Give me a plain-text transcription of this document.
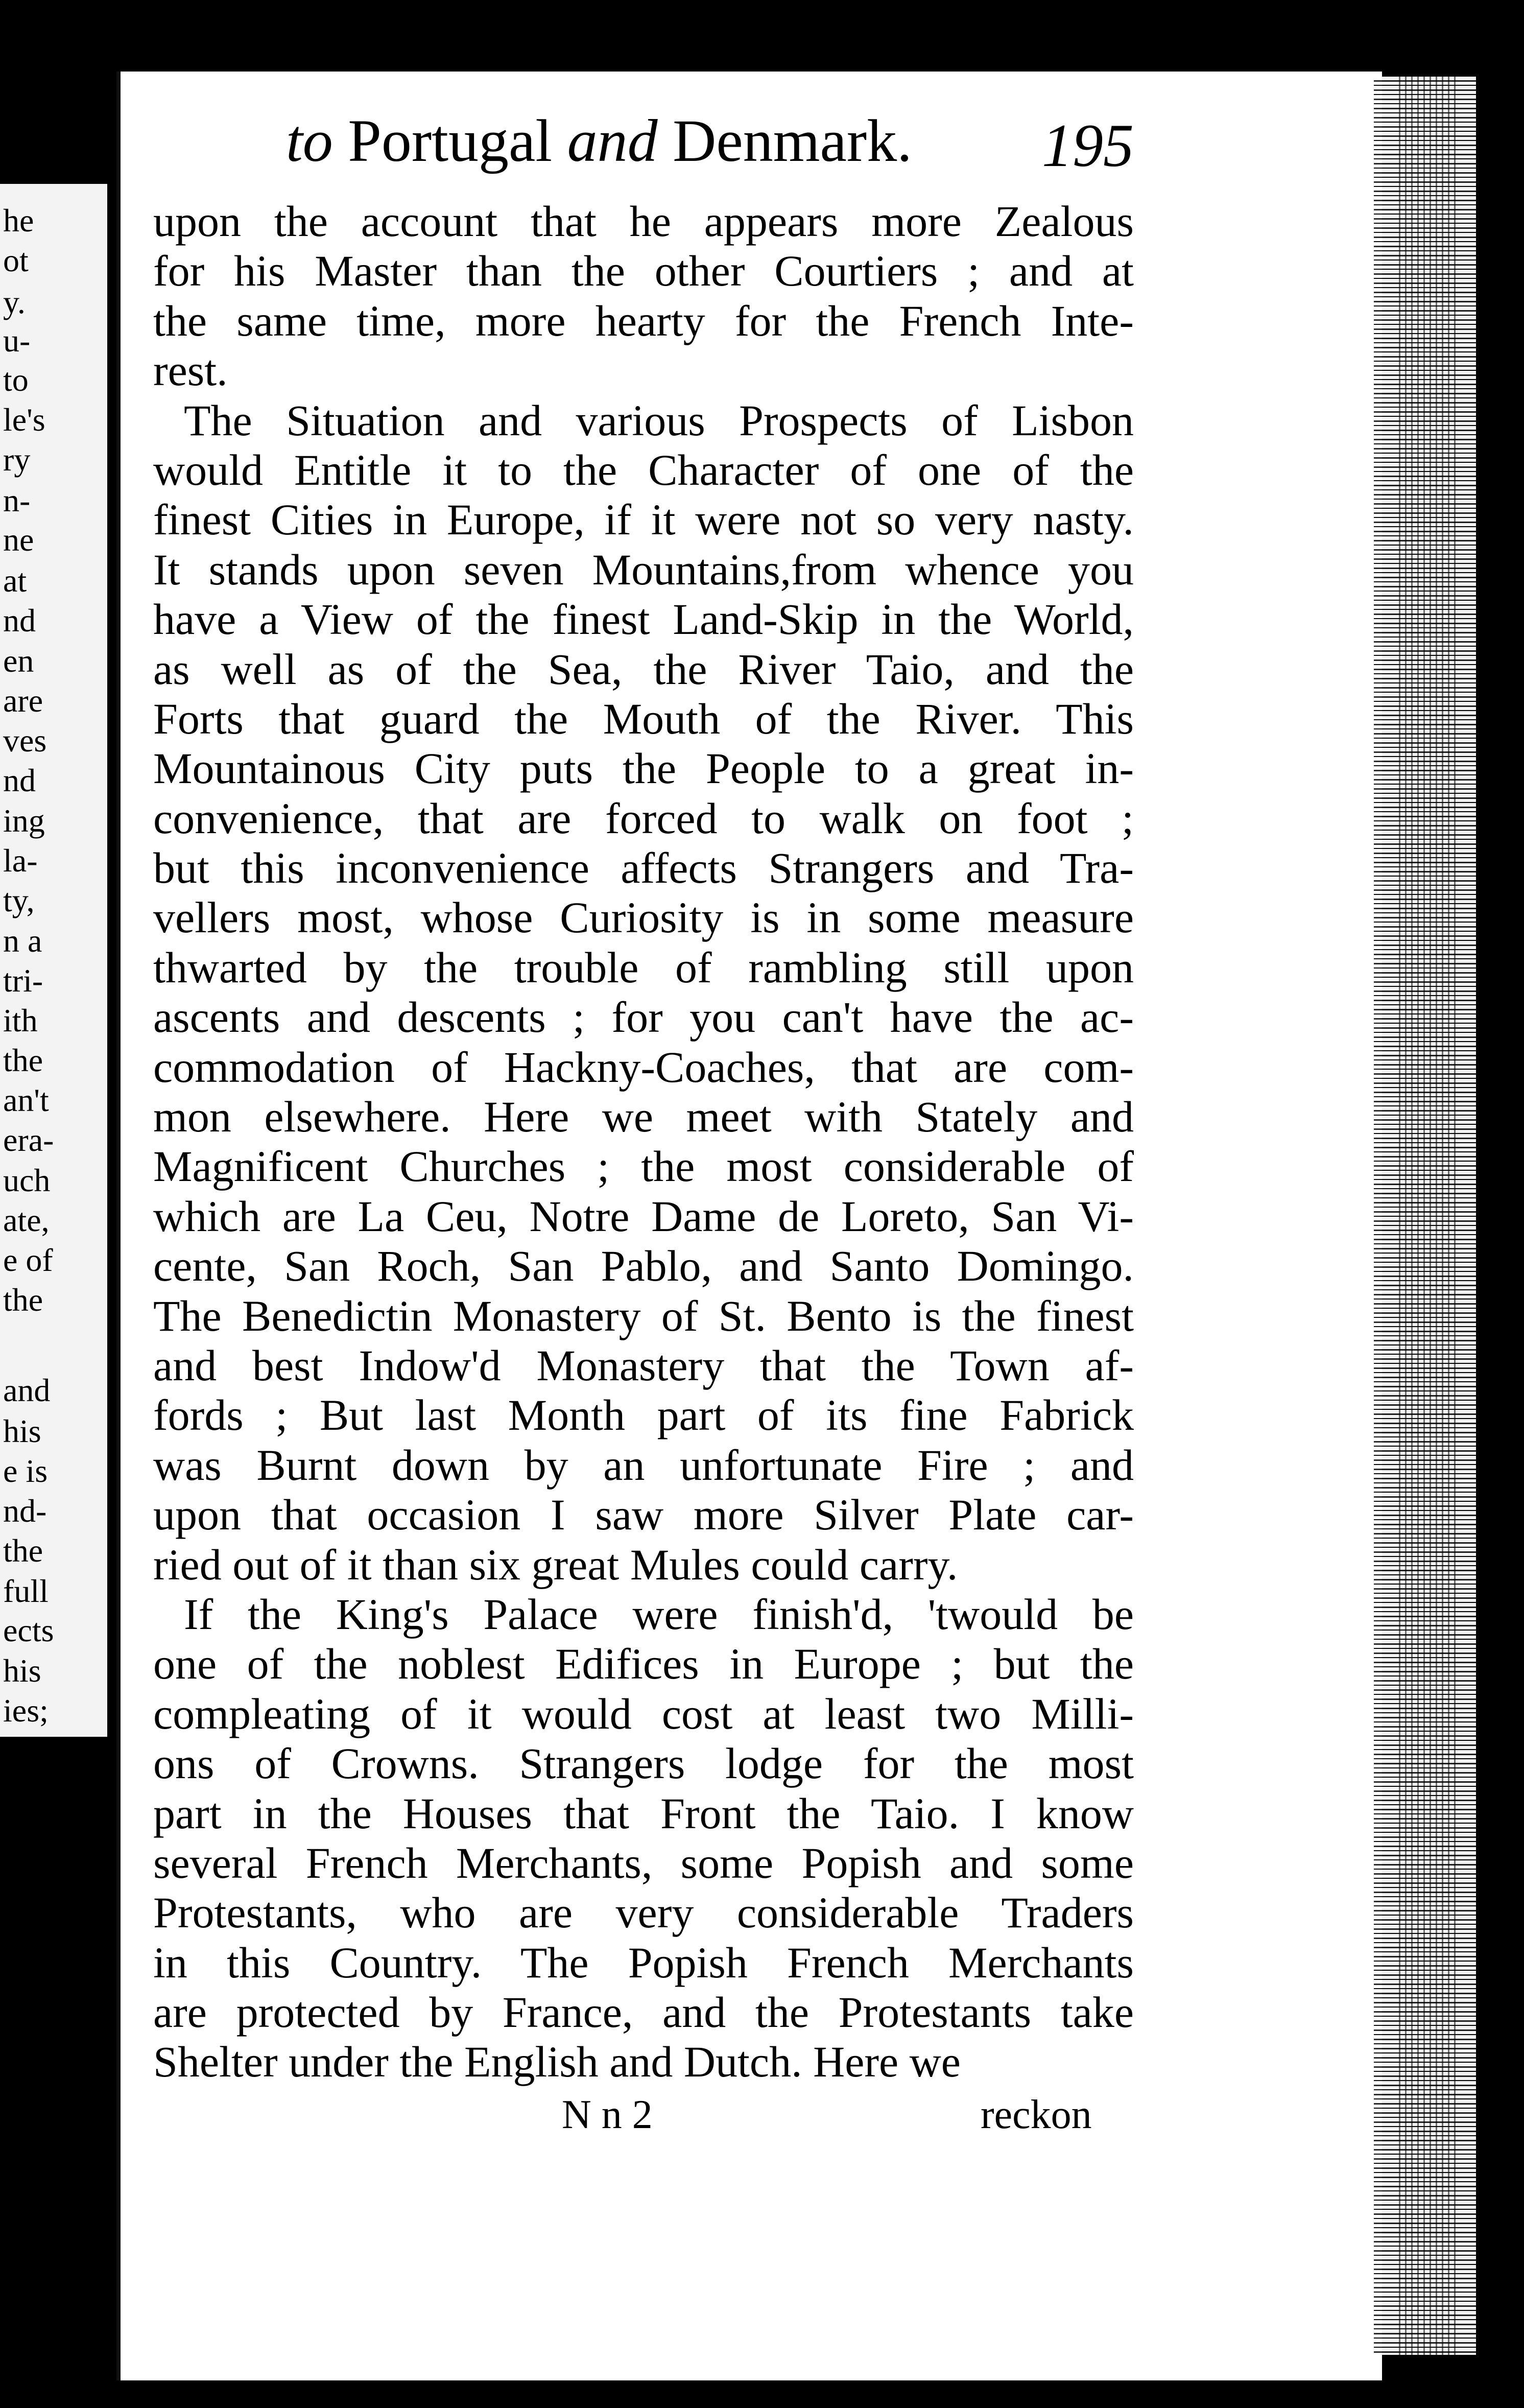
he
ot
y.
u-
to
le's
ry
n-
ne
at
nd
en
are
ves
nd
ing
la-
ty,
n a
tri-
ith
the
an't
era-
uch
ate,
e of
the
and
his
e is
nd-
the
full
ects
his
ies;
pon
to Portugal and Denmark.	195
upon the account that he appears more Zealous
for his Master than the other Courtiers ; and at
the same time, more hearty for the French Inte-
rest.
The Situation and various Prospects of Lisbon
would Entitle it to the Character of one of the
finest Cities in Europe, if it were not so very nasty.
It stands upon seven Mountains,from whence you
have a View of the finest Land-Skip in the World,
as well as of the Sea, the River Taio, and the
Forts that guard the Mouth of the River. This
Mountainous City puts the People to a great in-
convenience, that are forced to walk on foot ;
but this inconvenience affects Strangers and Tra-
vellers most, whose Curiosity is in some measure
thwarted by the trouble of rambling still upon
ascents and descents ; for you can't have the ac-
commodation of Hackny-Coaches, that are com-
mon elsewhere. Here we meet with Stately and
Magnificent Churches ; the most considerable of
which are La Ceu, Notre Dame de Loreto, San Vi-
cente, San Roch, San Pablo, and Santo Domingo.
The Benedictin Monastery of St. Bento is the finest
and best Indow'd Monastery that the Town af-
fords ; But last Month part of its fine Fabrick
was Burnt down by an unfortunate Fire ; and
upon that occasion I saw more Silver Plate car-
ried out of it than six great Mules could carry.
If the King's Palace were finish'd, 'twould be
one of the noblest Edifices in Europe ; but the
compleating of it would cost at least two Milli-
ons of Crowns. Strangers lodge for the most
part in the Houses that Front the Taio. I know
several French Merchants, some Popish and some
Protestants, who are very considerable Traders
in this Country. The Popish French Merchants
are protected by France, and the Protestants take
Shelter under the English and Dutch. Here we
N n 2	reckon
